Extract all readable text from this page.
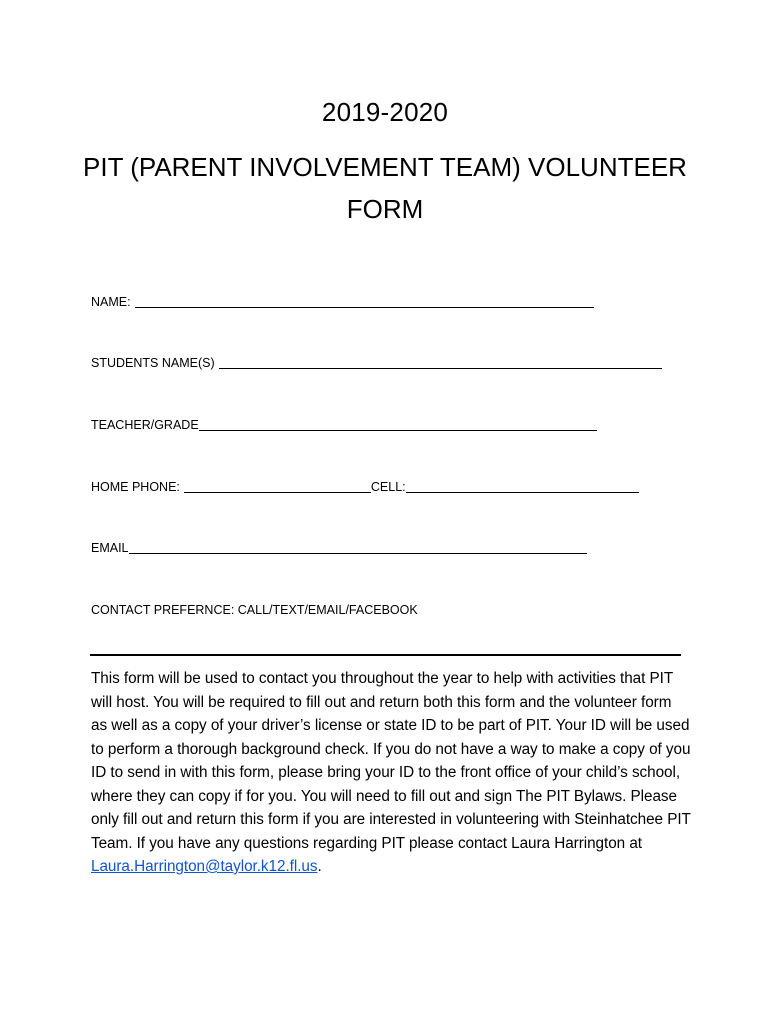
2019-2020
PIT (PARENT INVOLVEMENT TEAM) VOLUNTEER FORM
NAME:
STUDENTS NAME(S)
TEACHER/GRADE
HOME PHONE:	CELL:
EMAIL
CONTACT PREFERNCE: CALL/TEXT/EMAIL/FACEBOOK
This form will be used to contact you throughout the year to help with activities that PIT will host. You will be required to fill out and return both this form and the volunteer form as well as a copy of your driver’s license or state ID to be part of PIT. Your ID will be used to perform a thorough background check. If you do not have a way to make a copy of you ID to send in with this form, please bring your ID to the front office of your child’s school, where they can copy if for you. You will need to fill out and sign The PIT Bylaws. Please only fill out and return this form if you are interested in volunteering with Steinhatchee PIT Team. If you have any questions regarding PIT please contact Laura Harrington at Laura.Harrington@taylor.k12.fl.us.
